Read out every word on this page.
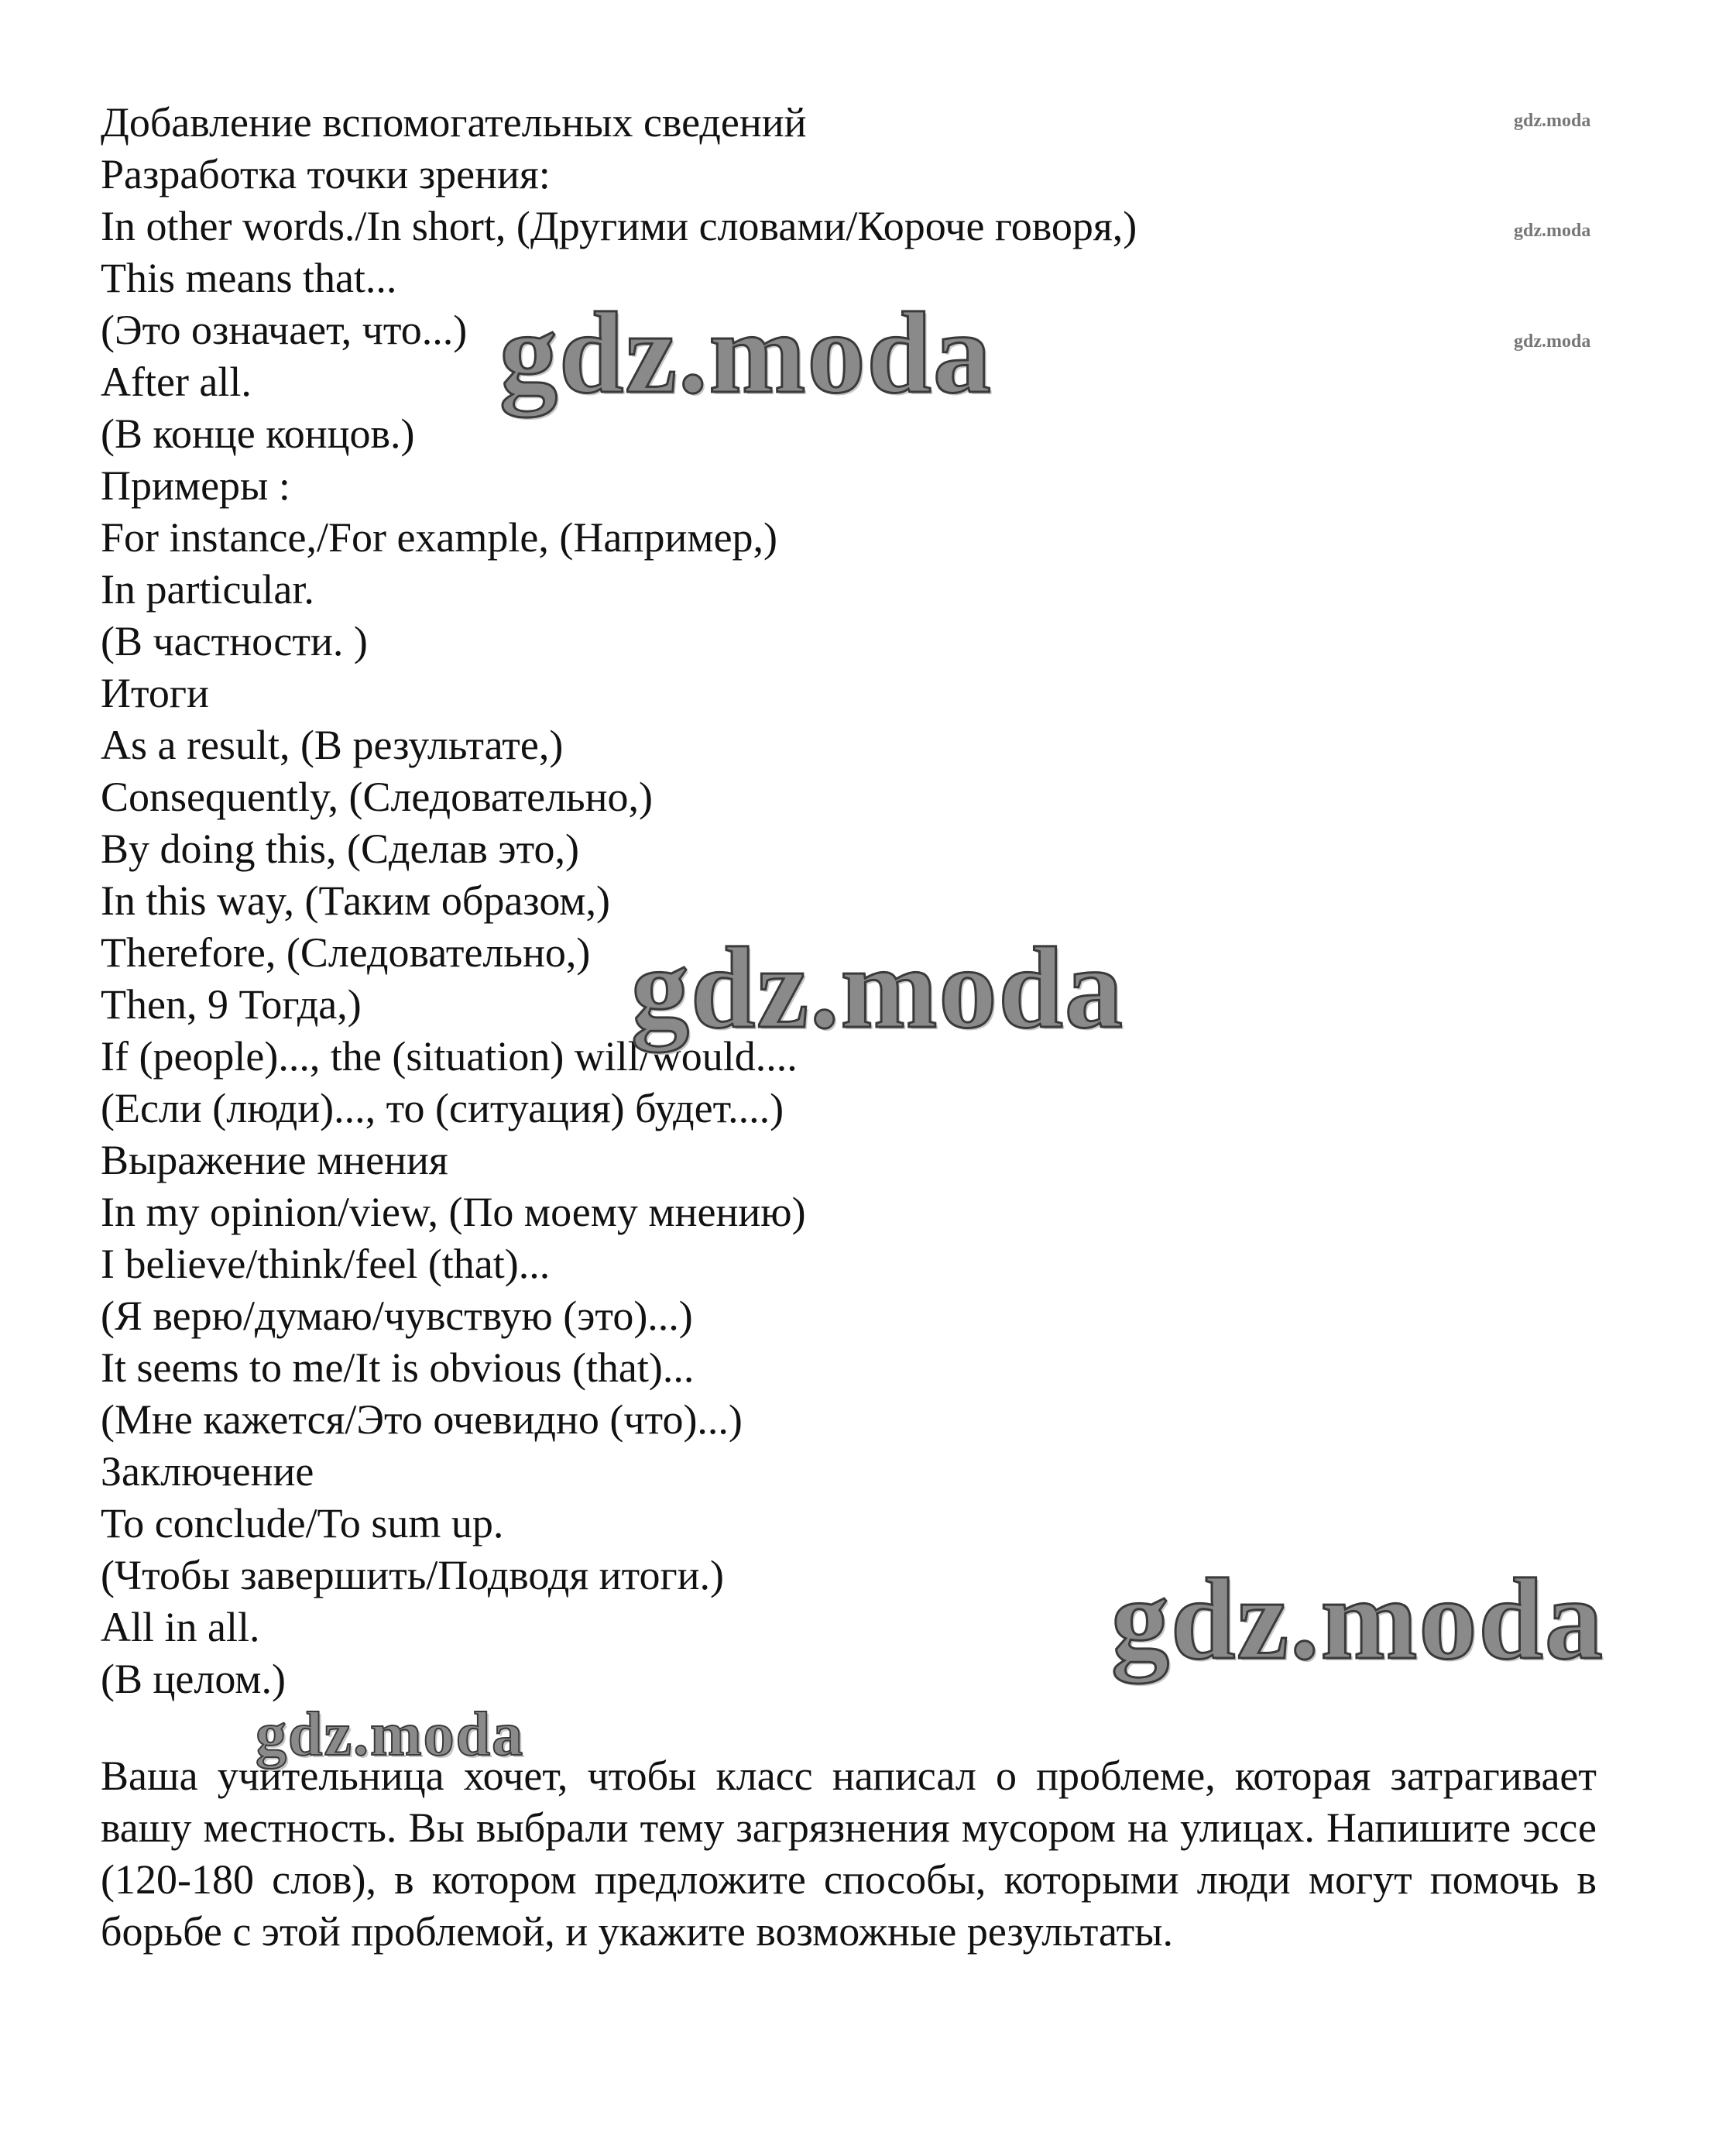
Добавление вспомогательных сведений
Разработка точки зрения:
In other words./In short, (Другими словами/Короче говоря,)
This means that...
(Это означает, что...)
After all.
(В конце концов.)
Примеры :
For instance,/For example, (Например,)
In particular.
(В частности. )
Итоги
As a result, (В результате,)
Consequently, (Следовательно,)
By doing this, (Сделав это,)
In this way, (Таким образом,)
Therefore, (Следовательно,)
Then, 9 Тогда,)
If (people)..., the (situation) will/would....
(Если (люди)..., то (ситуация) будет....)
Выражение мнения
In my opinion/view, (По моему мнению)
I believe/think/feel (that)...
(Я верю/думаю/чувствую (это)...)
It seems to me/It is obvious (that)...
(Мне кажется/Это очевидно (что)...)
Заключение
To conclude/To sum up.
(Чтобы завершить/Подводя итоги.)
All in all.
(В целом.)

Ваша учительница хочет, чтобы класс написал о проблеме, которая затрагивает вашу местность. Вы выбрали тему загрязнения мусором на улицах. Напишите эссе (120-180 слов), в котором предложите способы, которыми люди могут помочь в борьбе с этой проблемой, и укажите возможные результаты.

gdz.moda
gdz.moda
gdz.moda
gdz.moda
gdz.moda
gdz.moda
gdz.moda
